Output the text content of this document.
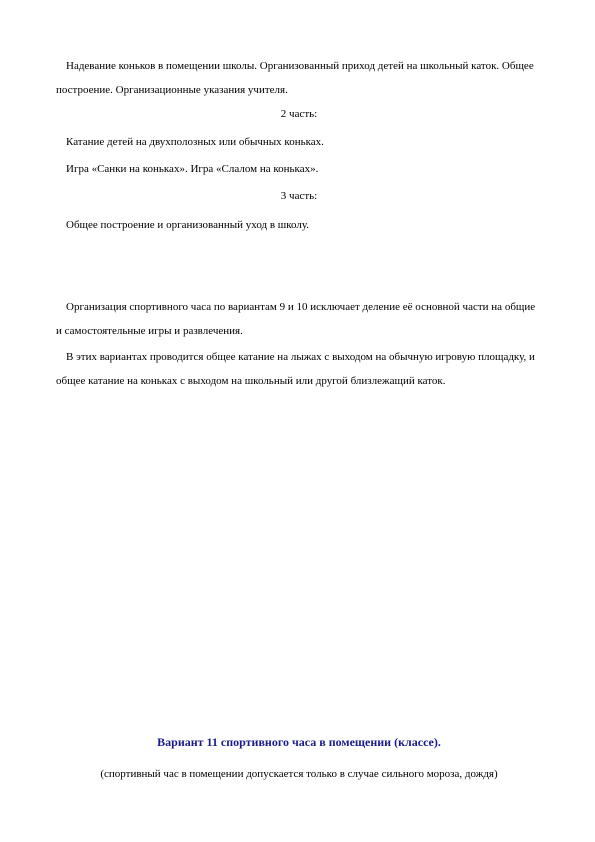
Надевание коньков в помещении школы. Организованный приход детей на школьный каток. Общее построение. Организационные указания учителя.

2 часть:

Катание детей на двухполозных или обычных коньках.

Игра «Санки на коньках». Игра «Слалом на коньках».

3 часть:

Общее построение и организованный уход в школу.

Организация спортивного часа по вариантам 9 и 10 исключает деление её основной части на общие и самостоятельные игры и развлечения.

В этих вариантах проводится общее катание на лыжах с выходом на обычную игровую площадку, и общее катание на коньках с выходом на школьный или другой близлежащий каток.

Вариант 11 спортивного часа в помещении (классе).

(спортивный час в помещении допускается только в случае сильного мороза, дождя)
